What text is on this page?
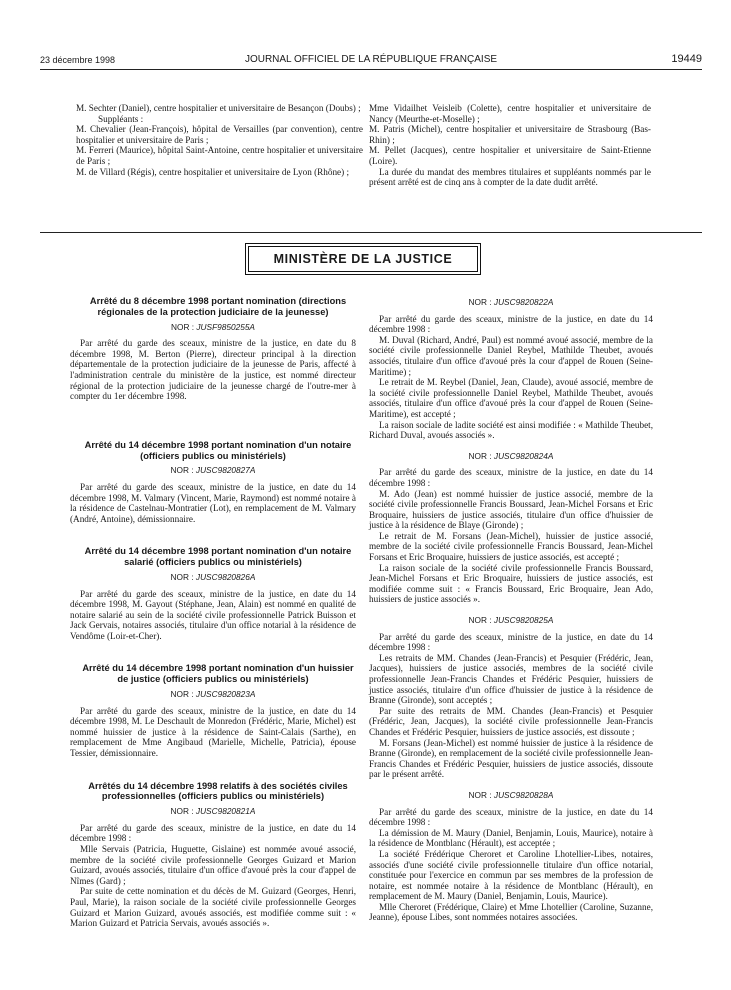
23 décembre 1998	JOURNAL OFFICIEL DE LA RÉPUBLIQUE FRANÇAISE	19449

M. Sechter (Daniel), centre hospitalier et universitaire de Besançon (Doubs) ;

Suppléants :

M. Chevalier (Jean-François), hôpital de Versailles (par convention), centre hospitalier et universitaire de Paris ;

M. Ferreri (Maurice), hôpital Saint-Antoine, centre hospitalier et universitaire de Paris ;

M. de Villard (Régis), centre hospitalier et universitaire de Lyon (Rhône) ;

Mme Vidailhet Veisleib (Colette), centre hospitalier et universitaire de Nancy (Meurthe-et-Moselle) ;

M. Patris (Michel), centre hospitalier et universitaire de Strasbourg (Bas-Rhin) ;

M. Pellet (Jacques), centre hospitalier et universitaire de Saint-Etienne (Loire).

La durée du mandat des membres titulaires et suppléants nommés par le présent arrêté est de cinq ans à compter de la date dudit arrêté.

MINISTÈRE DE LA JUSTICE

Arrêté du 8 décembre 1998 portant nomination (directions régionales de la protection judiciaire de la jeunesse)

NOR : JUSF9850255A

Par arrêté du garde des sceaux, ministre de la justice, en date du 8 décembre 1998, M. Berton (Pierre), directeur principal à la direction départementale de la protection judiciaire de la jeunesse de Paris, affecté à l'administration centrale du ministère de la justice, est nommé directeur régional de la protection judiciaire de la jeunesse chargé de l'outre-mer à compter du 1er décembre 1998.

Arrêté du 14 décembre 1998 portant nomination d'un notaire (officiers publics ou ministériels)

NOR : JUSC9820827A

Par arrêté du garde des sceaux, ministre de la justice, en date du 14 décembre 1998, M. Valmary (Vincent, Marie, Raymond) est nommé notaire à la résidence de Castelnau-Montratier (Lot), en remplacement de M. Valmary (André, Antoine), démissionnaire.

Arrêté du 14 décembre 1998 portant nomination d'un notaire salarié (officiers publics ou ministériels)

NOR : JUSC9820826A

Par arrêté du garde des sceaux, ministre de la justice, en date du 14 décembre 1998, M. Gayout (Stéphane, Jean, Alain) est nommé en qualité de notaire salarié au sein de la société civile professionnelle Patrick Buisson et Jack Gervais, notaires associés, titulaire d'un office notarial à la résidence de Vendôme (Loir-et-Cher).

Arrêté du 14 décembre 1998 portant nomination d'un huissier de justice (officiers publics ou ministériels)

NOR : JUSC9820823A

Par arrêté du garde des sceaux, ministre de la justice, en date du 14 décembre 1998, M. Le Deschault de Monredon (Frédéric, Marie, Michel) est nommé huissier de justice à la résidence de Saint-Calais (Sarthe), en remplacement de Mme Angibaud (Marielle, Michelle, Patricia), épouse Tessier, démissionnaire.

Arrêtés du 14 décembre 1998 relatifs à des sociétés civiles professionnelles (officiers publics ou ministériels)

NOR : JUSC9820821A

Par arrêté du garde des sceaux, ministre de la justice, en date du 14 décembre 1998 :

Mlle Servais (Patricia, Huguette, Gislaine) est nommée avoué associé, membre de la société civile professionnelle Georges Guizard et Marion Guizard, avoués associés, titulaire d'un office d'avoué près la cour d'appel de Nîmes (Gard) ;

Par suite de cette nomination et du décès de M. Guizard (Georges, Henri, Paul, Marie), la raison sociale de la société civile professionnelle Georges Guizard et Marion Guizard, avoués associés, est modifiée comme suit : « Marion Guizard et Patricia Servais, avoués associés ».

NOR : JUSC9820822A

Par arrêté du garde des sceaux, ministre de la justice, en date du 14 décembre 1998 :

M. Duval (Richard, André, Paul) est nommé avoué associé, membre de la société civile professionnelle Daniel Reybel, Mathilde Theubet, avoués associés, titulaire d'un office d'avoué près la cour d'appel de Rouen (Seine-Maritime) ;

Le retrait de M. Reybel (Daniel, Jean, Claude), avoué associé, membre de la société civile professionnelle Daniel Reybel, Mathilde Theubet, avoués associés, titulaire d'un office d'avoué près la cour d'appel de Rouen (Seine-Maritime), est accepté ;

La raison sociale de ladite société est ainsi modifiée : « Mathilde Theubet, Richard Duval, avoués associés ».

NOR : JUSC9820824A

Par arrêté du garde des sceaux, ministre de la justice, en date du 14 décembre 1998 :

M. Ado (Jean) est nommé huissier de justice associé, membre de la société civile professionnelle Francis Boussard, Jean-Michel Forsans et Eric Broquaire, huissiers de justice associés, titulaire d'un office d'huissier de justice à la résidence de Blaye (Gironde) ;

Le retrait de M. Forsans (Jean-Michel), huissier de justice associé, membre de la société civile professionnelle Francis Boussard, Jean-Michel Forsans et Eric Broquaire, huissiers de justice associés, est accepté ;

La raison sociale de la société civile professionnelle Francis Boussard, Jean-Michel Forsans et Eric Broquaire, huissiers de justice associés, est modifiée comme suit : « Francis Boussard, Eric Broquaire, Jean Ado, huissiers de justice associés ».

NOR : JUSC9820825A

Par arrêté du garde des sceaux, ministre de la justice, en date du 14 décembre 1998 :

Les retraits de MM. Chandes (Jean-Francis) et Pesquier (Frédéric, Jean, Jacques), huissiers de justice associés, membres de la société civile professionnelle Jean-Francis Chandes et Frédéric Pesquier, huissiers de justice associés, titulaire d'un office d'huissier de justice à la résidence de Branne (Gironde), sont acceptés ;

Par suite des retraits de MM. Chandes (Jean-Francis) et Pesquier (Frédéric, Jean, Jacques), la société civile professionnelle Jean-Francis Chandes et Frédéric Pesquier, huissiers de justice associés, est dissoute ;

M. Forsans (Jean-Michel) est nommé huissier de justice à la résidence de Branne (Gironde), en remplacement de la société civile professionnelle Jean-Francis Chandes et Frédéric Pesquier, huissiers de justice associés, dissoute par le présent arrêté.

NOR : JUSC9820828A

Par arrêté du garde des sceaux, ministre de la justice, en date du 14 décembre 1998 :

La démission de M. Maury (Daniel, Benjamin, Louis, Maurice), notaire à la résidence de Montblanc (Hérault), est acceptée ;

La société Frédérique Cheroret et Caroline Lhotellier-Libes, notaires, associés d'une société civile professionnelle titulaire d'un office notarial, constituée pour l'exercice en commun par ses membres de la profession de notaire, est nommée notaire à la résidence de Montblanc (Hérault), en remplacement de M. Maury (Daniel, Benjamin, Louis, Maurice).

Mlle Cheroret (Frédérique, Claire) et Mme Lhotellier (Caroline, Suzanne, Jeanne), épouse Libes, sont nommées notaires associées.
